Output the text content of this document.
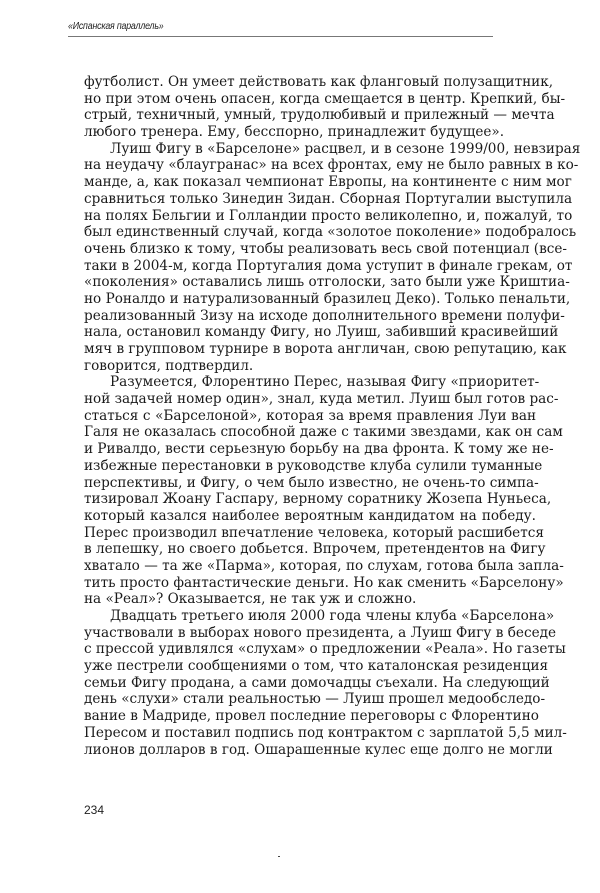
«Испанская параллель»
футболист. Он умеет действовать как фланговый полузащитник,
но при этом очень опасен, когда смещается в центр. Крепкий, бы-
стрый, техничный, умный, трудолюбивый и прилежный — мечта
любого тренера. Ему, бесспорно, принадлежит будущее».
Луиш Фигу в «Барселоне» расцвел, и в сезоне 1999/00, невзирая
на неудачу «блаугранас» на всех фронтах, ему не было равных в ко-
манде, а, как показал чемпионат Европы, на континенте с ним мог
сравниться только Зинедин Зидан. Сборная Португалии выступила
на полях Бельгии и Голландии просто великолепно, и, пожалуй, то
был единственный случай, когда «золотое поколение» подобралось
очень близко к тому, чтобы реализовать весь свой потенциал (все-
таки в 2004-м, когда Португалия дома уступит в финале грекам, от
«поколения» оставались лишь отголоски, зато были уже Криштиа-
но Роналдо и натурализованный бразилец Деко). Только пенальти,
реализованный Зизу на исходе дополнительного времени полуфи-
нала, остановил команду Фигу, но Луиш, забивший красивейший
мяч в групповом турнире в ворота англичан, свою репутацию, как
говорится, подтвердил.
Разумеется, Флорентино Перес, называя Фигу «приоритет-
ной задачей номер один», знал, куда метил. Луиш был готов рас-
статься с «Барселоной», которая за время правления Луи ван
Галя не оказалась способной даже с такими звездами, как он сам
и Ривалдо, вести серьезную борьбу на два фронта. К тому же не-
избежные перестановки в руководстве клуба сулили туманные
перспективы, и Фигу, о чем было известно, не очень-то симпа-
тизировал Жоану Гаспару, верному соратнику Жозепа Нуньеса,
который казался наиболее вероятным кандидатом на победу.
Перес производил впечатление человека, который расшибется
в лепешку, но своего добьется. Впрочем, претендентов на Фигу
хватало — та же «Парма», которая, по слухам, готова была запла-
тить просто фантастические деньги. Но как сменить «Барселону»
на «Реал»? Оказывается, не так уж и сложно.
Двадцать третьего июля 2000 года члены клуба «Барселона»
участвовали в выборах нового президента, а Луиш Фигу в беседе
с прессой удивлялся «слухам» о предложении «Реала». Но газеты
уже пестрели сообщениями о том, что каталонская резиденция
семьи Фигу продана, а сами домочадцы съехали. На следующий
день «слухи» стали реальностью — Луиш прошел медообследо-
вание в Мадриде, провел последние переговоры с Флорентино
Пересом и поставил подпись под контрактом с зарплатой 5,5 мил-
лионов долларов в год. Ошарашенные кулес еще долго не могли
234
